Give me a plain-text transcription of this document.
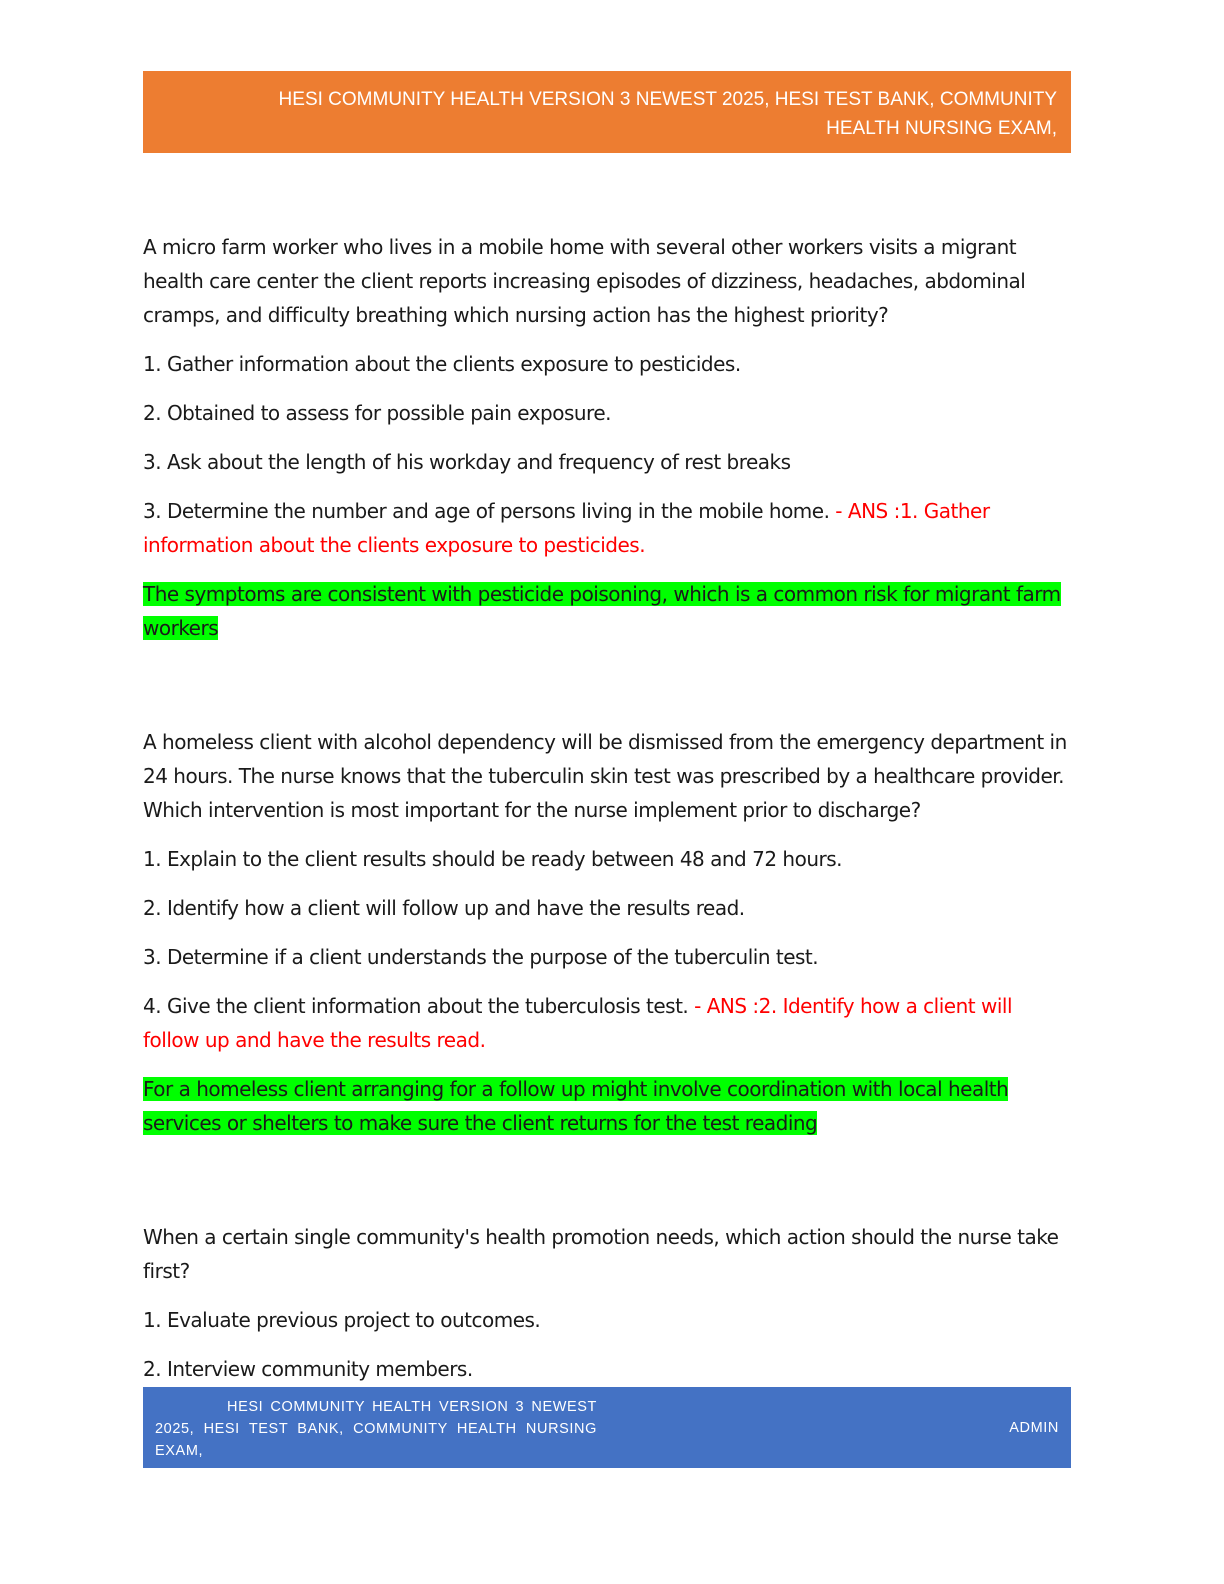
HESI COMMUNITY HEALTH VERSION 3 NEWEST 2025, HESI TEST BANK, COMMUNITY
HEALTH NURSING EXAM,

A micro farm worker who lives in a mobile home with several other workers visits a migrant health care center the client reports increasing episodes of dizziness, headaches, abdominal cramps, and difficulty breathing which nursing action has the highest priority?

1. Gather information about the clients exposure to pesticides.

2. Obtained to assess for possible pain exposure.

3. Ask about the length of his workday and frequency of rest breaks

3. Determine the number and age of persons living in the mobile home. - ANS :1. Gather information about the clients exposure to pesticides.

The symptoms are consistent with pesticide poisoning, which is a common risk for migrant farm workers

A homeless client with alcohol dependency will be dismissed from the emergency department in 24 hours. The nurse knows that the tuberculin skin test was prescribed by a healthcare provider. Which intervention is most important for the nurse implement prior to discharge?

1. Explain to the client results should be ready between 48 and 72 hours.

2. Identify how a client will follow up and have the results read.

3. Determine if a client understands the purpose of the tuberculin test.

4. Give the client information about the tuberculosis test. - ANS :2. Identify how a client will follow up and have the results read.

For a homeless client arranging for a follow up might involve coordination with local health services or shelters to make sure the client returns for the test reading

When a certain single community's health promotion needs, which action should the nurse take first?

1. Evaluate previous project to outcomes.

2. Interview community members.

HESI COMMUNITY HEALTH VERSION 3 NEWEST 2025, HESI TEST BANK, COMMUNITY HEALTH NURSING EXAM,
ADMIN
